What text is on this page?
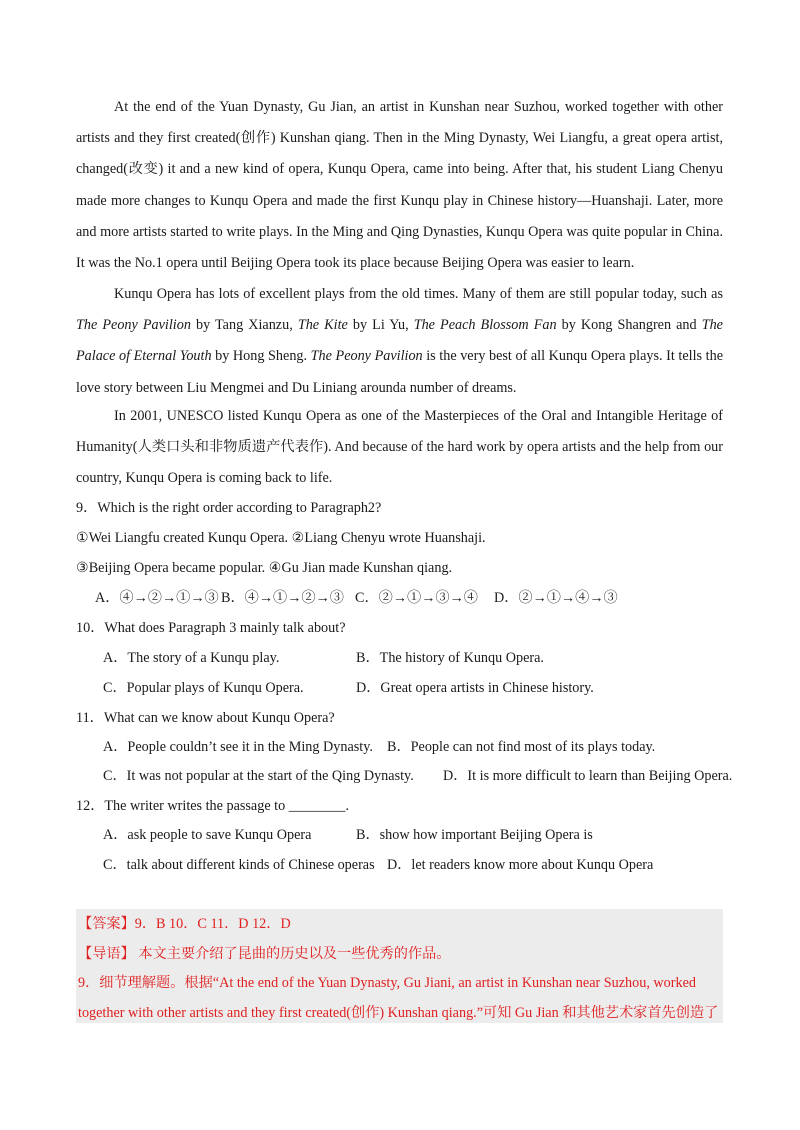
At the end of the Yuan Dynasty, Gu Jian, an artist in Kunshan near Suzhou, worked together with other artists and they first created(创作) Kunshan qiang. Then in the Ming Dynasty, Wei Liangfu, a great opera artist, changed(改变) it and a new kind of opera, Kunqu Opera, came into being. After that, his student Liang Chenyu made more changes to Kunqu Opera and made the first Kunqu play in Chinese history—Huanshaji. Later, more and more artists started to write plays. In the Ming and Qing Dynasties, Kunqu Opera was quite popular in China. It was the No.1 opera until Beijing Opera took its place because Beijing Opera was easier to learn.

Kunqu Opera has lots of excellent plays from the old times. Many of them are still popular today, such as The Peony Pavilion by Tang Xianzu, The Kite by Li Yu, The Peach Blossom Fan by Kong Shangren and The Palace of Eternal Youth by Hong Sheng. The Peony Pavilion is the very best of all Kunqu Opera plays. It tells the love story between Liu Mengmei and Du Liniang arounda number of dreams.

In 2001, UNESCO listed Kunqu Opera as one of the Masterpieces of the Oral and Intangible Heritage of Humanity(人类口头和非物质遗产代表作). And because of the hard work by opera artists and the help from our country, Kunqu Opera is coming back to life.

9．Which is the right order according to Paragraph2?
①Wei Liangfu created Kunqu Opera. ②Liang Chenyu wrote Huanshaji.
③Beijing Opera became popular. ④Gu Jian made Kunshan qiang.
A．④→②→①→③ B．④→①→②→③ C．②→①→③→④ D．②→①→④→③
10．What does Paragraph 3 mainly talk about?
A．The story of a Kunqu play.	B．The history of Kunqu Opera.
C．Popular plays of Kunqu Opera.	D．Great opera artists in Chinese history.
11．What can we know about Kunqu Opera?
A．People couldn’t see it in the Ming Dynasty. B．People can not find most of its plays today.
C．It was not popular at the start of the Qing Dynasty. D．It is more difficult to learn than Beijing Opera.
12．The writer writes the passage to ________.
A．ask people to save Kunqu Opera	B．show how important Beijing Opera is
C．talk about different kinds of Chinese operas D．let readers know more about Kunqu Opera
【答案】9．B 10．C 11．D 12．D
【导语】 本文主要介绍了昆曲的历史以及一些优秀的作品。
9．细节理解题。根据“At the end of the Yuan Dynasty, Gu Jiani, an artist in Kunshan near Suzhou, worked
together with other artists and they first created(创作) Kunshan qiang.”可知 Gu Jian 和其他艺术家首先创造了
